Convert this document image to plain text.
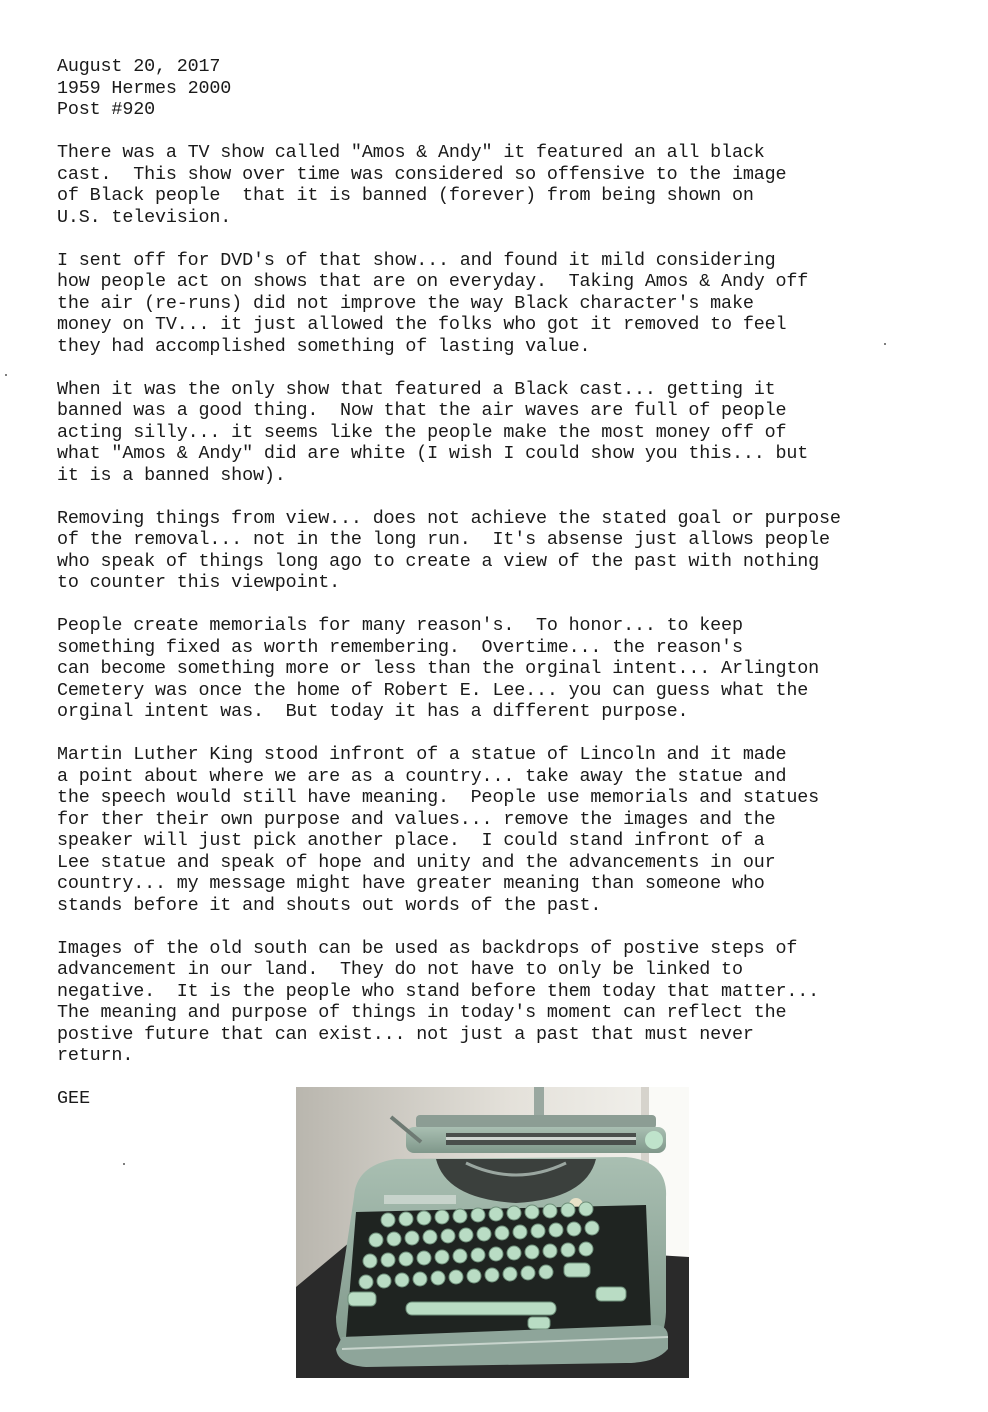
August 20, 2017
1959 Hermes 2000
Post #920
There was a TV show called "Amos & Andy" it featured an all black
cast.  This show over time was considered so offensive to the image
of Black people  that it is banned (forever) from being shown on
U.S. television.
I sent off for DVD's of that show... and found it mild considering
how people act on shows that are on everyday.  Taking Amos & Andy off
the air (re-runs) did not improve the way Black character's make
money on TV... it just allowed the folks who got it removed to feel
they had accomplished something of lasting value.
When it was the only show that featured a Black cast... getting it
banned was a good thing.  Now that the air waves are full of people
acting silly... it seems like the people make the most money off of
what "Amos & Andy" did are white (I wish I could show you this... but
it is a banned show).
Removing things from view... does not achieve the stated goal or purpose
of the removal... not in the long run.  It's absense just allows people
who speak of things long ago to create a view of the past with nothing
to counter this viewpoint.
People create memorials for many reason's.  To honor... to keep
something fixed as worth remembering.  Overtime... the reason's
can become something more or less than the orginal intent... Arlington
Cemetery was once the home of Robert E. Lee... you can guess what the
orginal intent was.  But today it has a different purpose.
Martin Luther King stood infront of a statue of Lincoln and it made
a point about where we are as a country... take away the statue and
the speech would still have meaning.  People use memorials and statues
for ther their own purpose and values... remove the images and the
speaker will just pick another place.  I could stand infront of a
Lee statue and speak of hope and unity and the advancements in our
country... my message might have greater meaning than someone who
stands before it and shouts out words of the past.
Images of the old south can be used as backdrops of postive steps of
advancement in our land.  They do not have to only be linked to
negative.  It is the people who stand before them today that matter...
The meaning and purpose of things in today's moment can reflect the
postive future that can exist... not just a past that must never
return.
GEE
